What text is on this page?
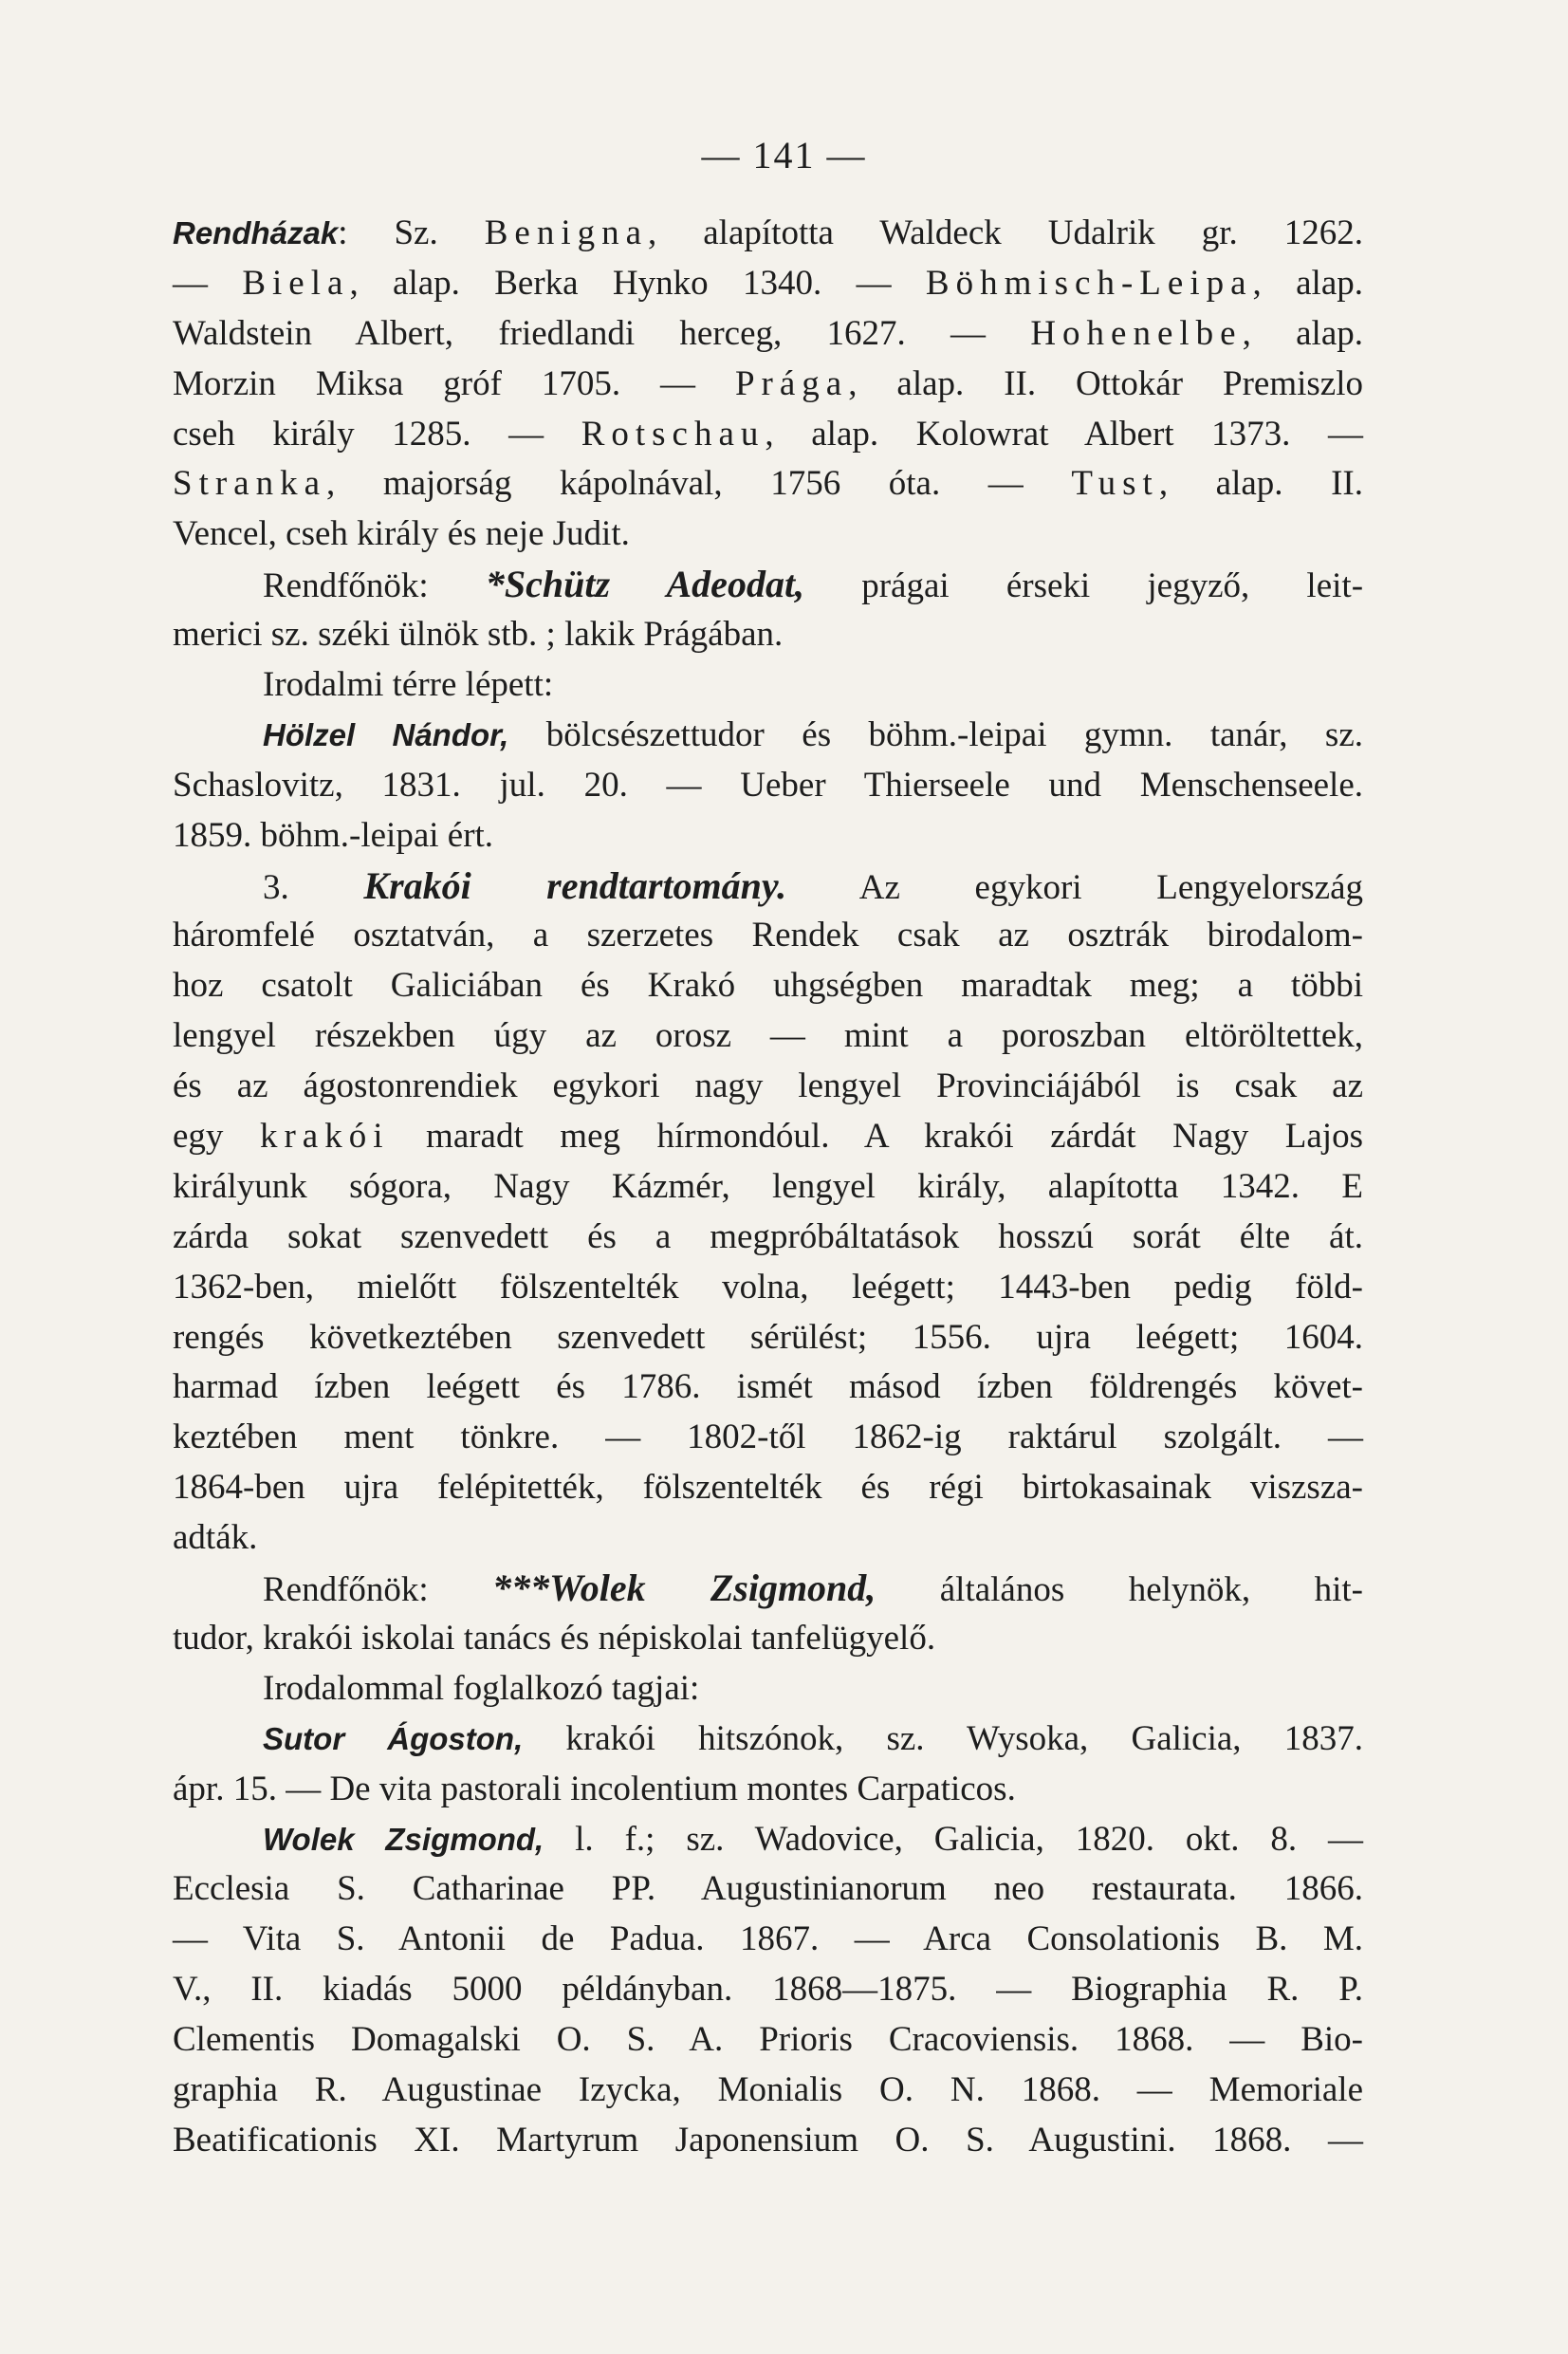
— 141 —
Rendházak: Sz. Benigna, alapította Waldeck Udalrik gr. 1262.
— Biela, alap. Berka Hynko 1340. — Böhmisch-Leipa, alap.
Waldstein Albert, friedlandi herceg, 1627. — Hohenelbe, alap.
Morzin Miksa gróf 1705. — Prága, alap. II. Ottokár Premiszlo
cseh király 1285. — Rotschau, alap. Kolowrat Albert 1373. —
Stranka, majorság kápolnával, 1756 óta. — Tust, alap. II.
Vencel, cseh király és neje Judit.
Rendfőnök: *Schütz Adeodat, prágai érseki jegyző, leit-
merici sz. széki ülnök stb. ; lakik Prágában.
Irodalmi térre lépett:
Hölzel Nándor, bölcsészettudor és böhm.-leipai gymn. tanár, sz.
Schaslovitz, 1831. jul. 20. — Ueber Thierseele und Menschenseele.
1859. böhm.-leipai ért.
3. Krakói rendtartomány. Az egykori Lengyelország
háromfelé osztatván, a szerzetes Rendek csak az osztrák birodalom-
hoz csatolt Galiciában és Krakó uhgségben maradtak meg; a többi
lengyel részekben úgy az orosz — mint a poroszban eltöröltettek,
és az ágostonrendiek egykori nagy lengyel Provinciájából is csak az
egy krakói maradt meg hírmondóul. A krakói zárdát Nagy Lajos
királyunk sógora, Nagy Kázmér, lengyel király, alapította 1342. E
zárda sokat szenvedett és a megpróbáltatások hosszú sorát élte át.
1362-ben, mielőtt fölszentelték volna, leégett; 1443-ben pedig föld-
rengés következtében szenvedett sérülést; 1556. ujra leégett; 1604.
harmad ízben leégett és 1786. ismét másod ízben földrengés követ-
keztében ment tönkre. — 1802-től 1862-ig raktárul szolgált. —
1864-ben ujra felépitették, fölszentelték és régi birtokasainak viszsza-
adták.
Rendfőnök: ***Wolek Zsigmond, általános helynök, hit-
tudor, krakói iskolai tanács és népiskolai tanfelügyelő.
Irodalommal foglalkozó tagjai:
Sutor Ágoston, krakói hitszónok, sz. Wysoka, Galicia, 1837.
ápr. 15. — De vita pastorali incolentium montes Carpaticos.
Wolek Zsigmond, l. f.; sz. Wadovice, Galicia, 1820. okt. 8. —
Ecclesia S. Catharinae PP. Augustinianorum neo restaurata. 1866.
— Vita S. Antonii de Padua. 1867. — Arca Consolationis B. M.
V., II. kiadás 5000 példányban. 1868—1875. — Biographia R. P.
Clementis Domagalski O. S. A. Prioris Cracoviensis. 1868. — Bio-
graphia R. Augustinae Izycka, Monialis O. N. 1868. — Memoriale
Beatificationis XI. Martyrum Japonensium O. S. Augustini. 1868. —
